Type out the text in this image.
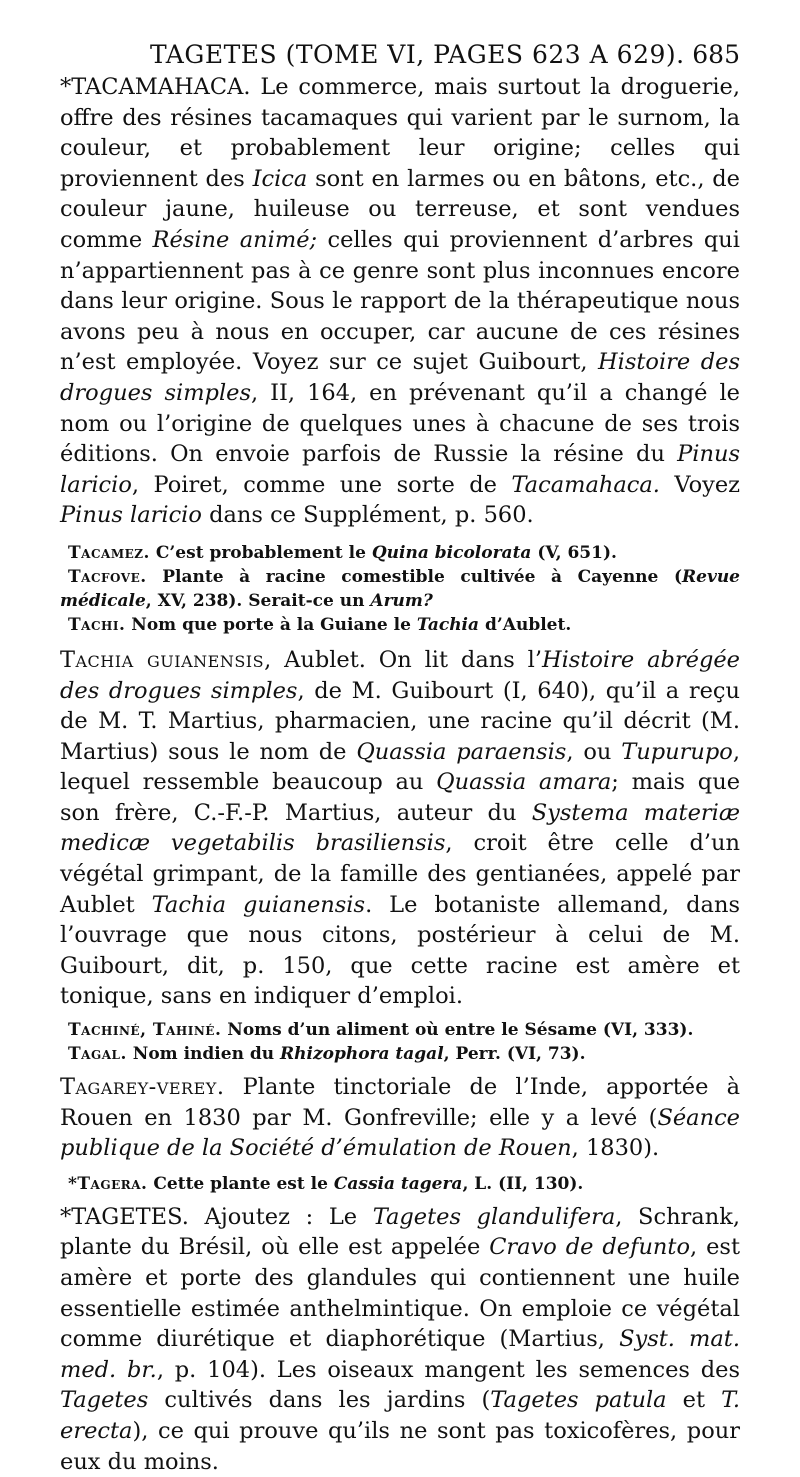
TAGETES (TOME VI, PAGES 623 A 629). 685

*TACAMAHACA. Le commerce, mais surtout la droguerie, offre des résines tacamaques qui varient par le surnom, la couleur, et probablement leur origine; celles qui proviennent des Icica sont en larmes ou en bâtons, etc., de couleur jaune, huileuse ou terreuse, et sont vendues comme Résine animé; celles qui proviennent d’arbres qui n’appartiennent pas à ce genre sont plus inconnues encore dans leur origine. Sous le rapport de la thérapeutique nous avons peu à nous en occuper, car aucune de ces résines n’est employée. Voyez sur ce sujet Guibourt, Histoire des drogues simples, II, 164, en prévenant qu’il a changé le nom ou l’origine de quelques unes à chacune de ses trois éditions. On envoie parfois de Russie la résine du Pinus laricio, Poiret, comme une sorte de Tacamahaca. Voyez Pinus laricio dans ce Supplément, p. 560.

Tacamez. C’est probablement le Quina bicolorata (V, 651).

Tacfove. Plante à racine comestible cultivée à Cayenne (Revue médicale, XV, 238). Serait-ce un Arum?

Tachi. Nom que porte à la Guiane le Tachia d’Aublet.

Tachia guianensis, Aublet. On lit dans l’Histoire abrégée des drogues simples, de M. Guibourt (I, 640), qu’il a reçu de M. T. Martius, pharmacien, une racine qu’il décrit (M. Martius) sous le nom de Quassia paraensis, ou Tupurupo, lequel ressemble beaucoup au Quassia amara; mais que son frère, C.-F.-P. Martius, auteur du Systema materiæ medicæ vegetabilis brasiliensis, croit être celle d’un végétal grimpant, de la famille des gentianées, appelé par Aublet Tachia guianensis. Le botaniste allemand, dans l’ouvrage que nous citons, postérieur à celui de M. Guibourt, dit, p. 150, que cette racine est amère et tonique, sans en indiquer d’emploi.

Tachiné, Tahiné. Noms d’un aliment où entre le Sésame (VI, 333).

Tagal. Nom indien du Rhizophora tagal, Perr. (VI, 73).

Tagarey-verey. Plante tinctoriale de l’Inde, apportée à Rouen en 1830 par M. Gonfreville; elle y a levé (Séance publique de la Société d’émulation de Rouen, 1830).

*Tagera. Cette plante est le Cassia tagera, L. (II, 130).

*TAGETES. Ajoutez : Le Tagetes glandulifera, Schrank, plante du Brésil, où elle est appelée Cravo de defunto, est amère et porte des glandules qui contiennent une huile essentielle estimée anthelmintique. On emploie ce végétal comme diurétique et diaphorétique (Martius, Syst. mat. med. br., p. 104). Les oiseaux mangent les semences des Tagetes cultivés dans les jardins (Tagetes patula et T. erecta), ce qui prouve qu’ils ne sont pas toxicofères, pour eux du moins.
